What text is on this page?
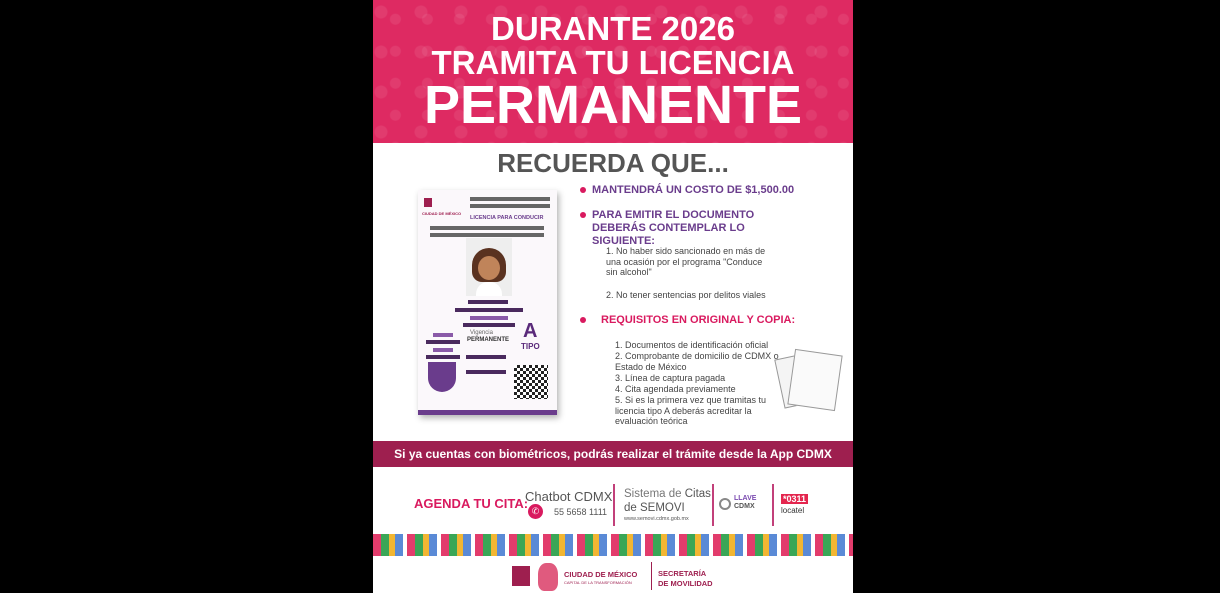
DURANTE 2026
TRAMITA TU LICENCIA
PERMANENTE
RECUERDA QUE...
CIUDAD DE MÉXICO
LICENCIA PARA CONDUCIR
Vigencia
PERMANENTE A
TIPO
MANTENDRÁ UN COSTO DE $1,500.00
PARA EMITIR EL DOCUMENTO DEBERÁS CONTEMPLAR LO SIGUIENTE:
1. No haber sido sancionado en más de una ocasión por el programa "Conduce sin alcohol"
2. No tener sentencias por delitos viales
REQUISITOS EN ORIGINAL Y COPIA:
1. Documentos de identificación oficial
2. Comprobante de domicilio de CDMX o Estado de México
3. Línea de captura pagada
4. Cita agendada previamente
5. Si es la primera vez que tramitas tu licencia tipo A deberás acreditar la evaluación teórica
Si ya cuentas con biométricos, podrás realizar el trámite desde la App CDMX
AGENDA TU CITA:
Chatbot CDMX
✆	55 5658 1111
Sistema de Citas
de SEMOVI
www.semovi.cdmx.gob.mx
LLAVE
CDMX
*0311
locatel
CIUDAD DE MÉXICO
CAPITAL DE LA TRANSFORMACIÓN
SECRETARÍA
DE MOVILIDAD
